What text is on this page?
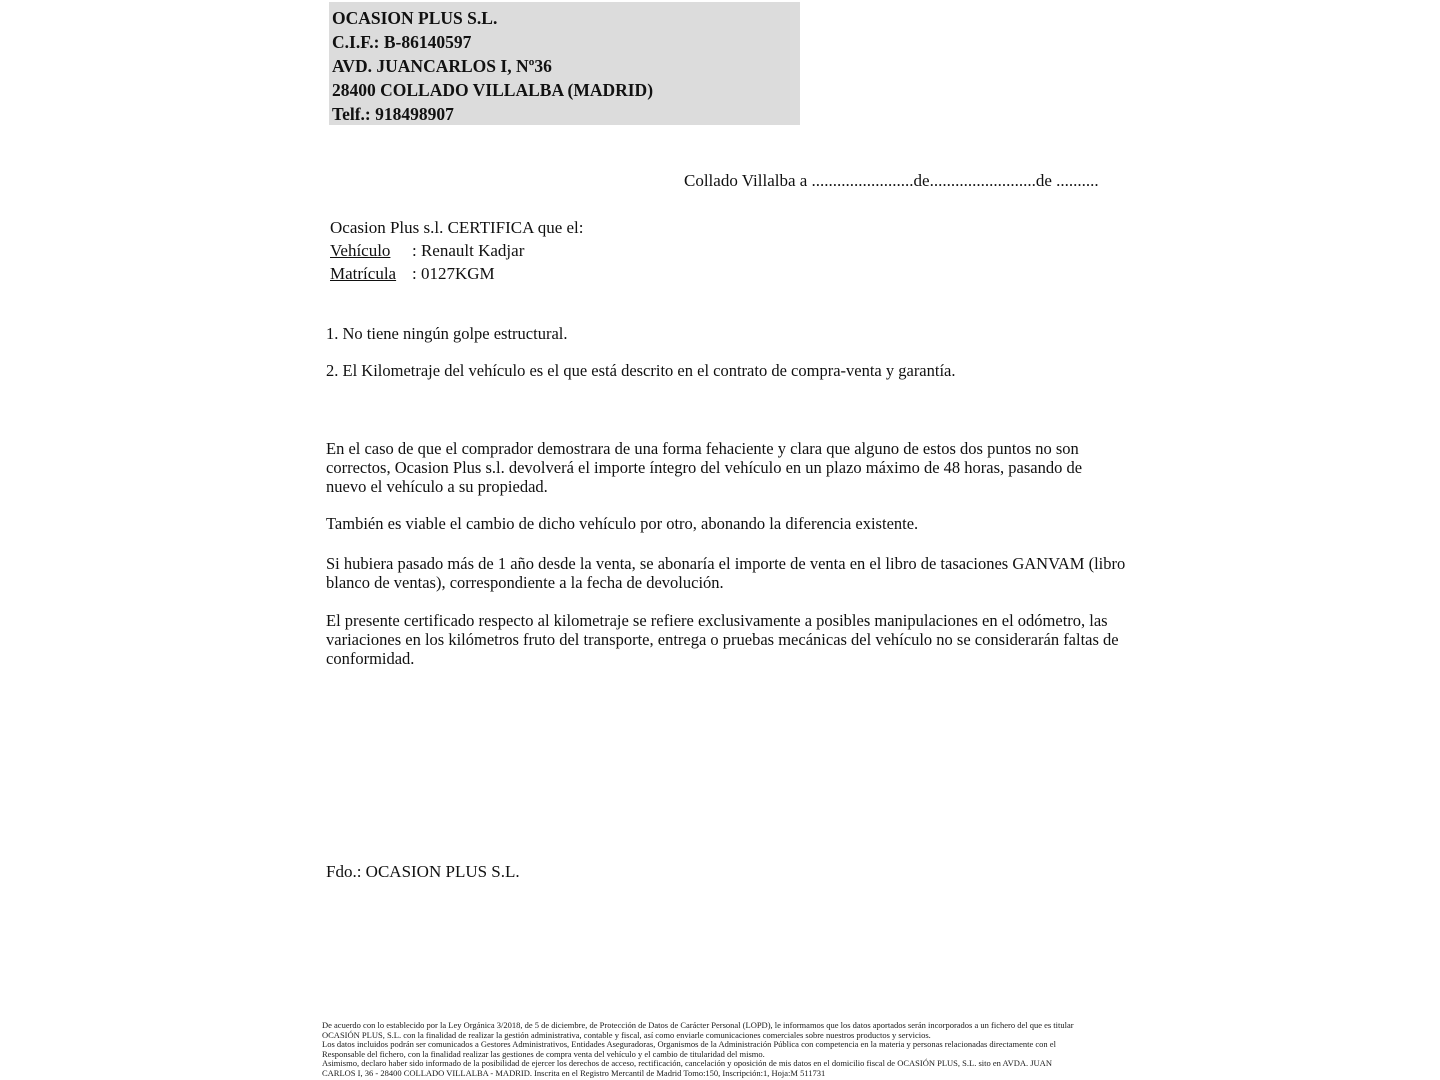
OCASION PLUS S.L.
C.I.F.: B-86140597
AVD. JUANCARLOS I, Nº36
28400 COLLADO VILLALBA (MADRID)
Telf.: 918498907
Collado Villalba a ........................de.........................de ..........
Ocasion Plus s.l. CERTIFICA que el:
Vehículo : Renault Kadjar
Matrícula : 0127KGM
1. No tiene ningún golpe estructural.
2. El Kilometraje del vehículo es el que está descrito en el contrato de compra-venta y garantía.

En el caso de que el comprador demostrara de una forma fehaciente y clara que alguno de estos dos puntos no son correctos, Ocasion Plus s.l. devolverá el importe íntegro del vehículo en un plazo máximo de 48 horas, pasando de nuevo el vehículo a su propiedad.

También es viable el cambio de dicho vehículo por otro, abonando la diferencia existente.

Si hubiera pasado más de 1 año desde la venta, se abonaría el importe de venta en el libro de tasaciones GANVAM (libro blanco de ventas), correspondiente a la fecha de devolución.

El presente certificado respecto al kilometraje se refiere exclusivamente a posibles manipulaciones en el odómetro, las variaciones en los kilómetros fruto del transporte, entrega o pruebas mecánicas del vehículo no se considerarán faltas de conformidad.

Fdo.: OCASION PLUS S.L.
De acuerdo con lo establecido por la Ley Orgánica 3/2018, de 5 de diciembre, de Protección de Datos de Carácter Personal (LOPD), le informamos que los datos aportados serán incorporados a un fichero del que es titular
OCASIÓN PLUS, S.L. con la finalidad de realizar la gestión administrativa, contable y fiscal, así como enviarle comunicaciones comerciales sobre nuestros productos y servicios.
Los datos incluidos podrán ser comunicados a Gestores Administrativos, Entidades Aseguradoras, Organismos de la Administración Pública con competencia en la materia y personas relacionadas directamente con el
Responsable del fichero, con la finalidad realizar las gestiones de compra venta del vehículo y el cambio de titularidad del mismo.
Asimismo, declaro haber sido informado de la posibilidad de ejercer los derechos de acceso, rectificación, cancelación y oposición de mis datos en el domicilio fiscal de OCASIÓN PLUS, S.L. sito en AVDA. JUAN
CARLOS I, 36 - 28400 COLLADO VILLALBA - MADRID. Inscrita en el Registro Mercantil de Madrid Tomo:150, Inscripción:1, Hoja:M 511731
